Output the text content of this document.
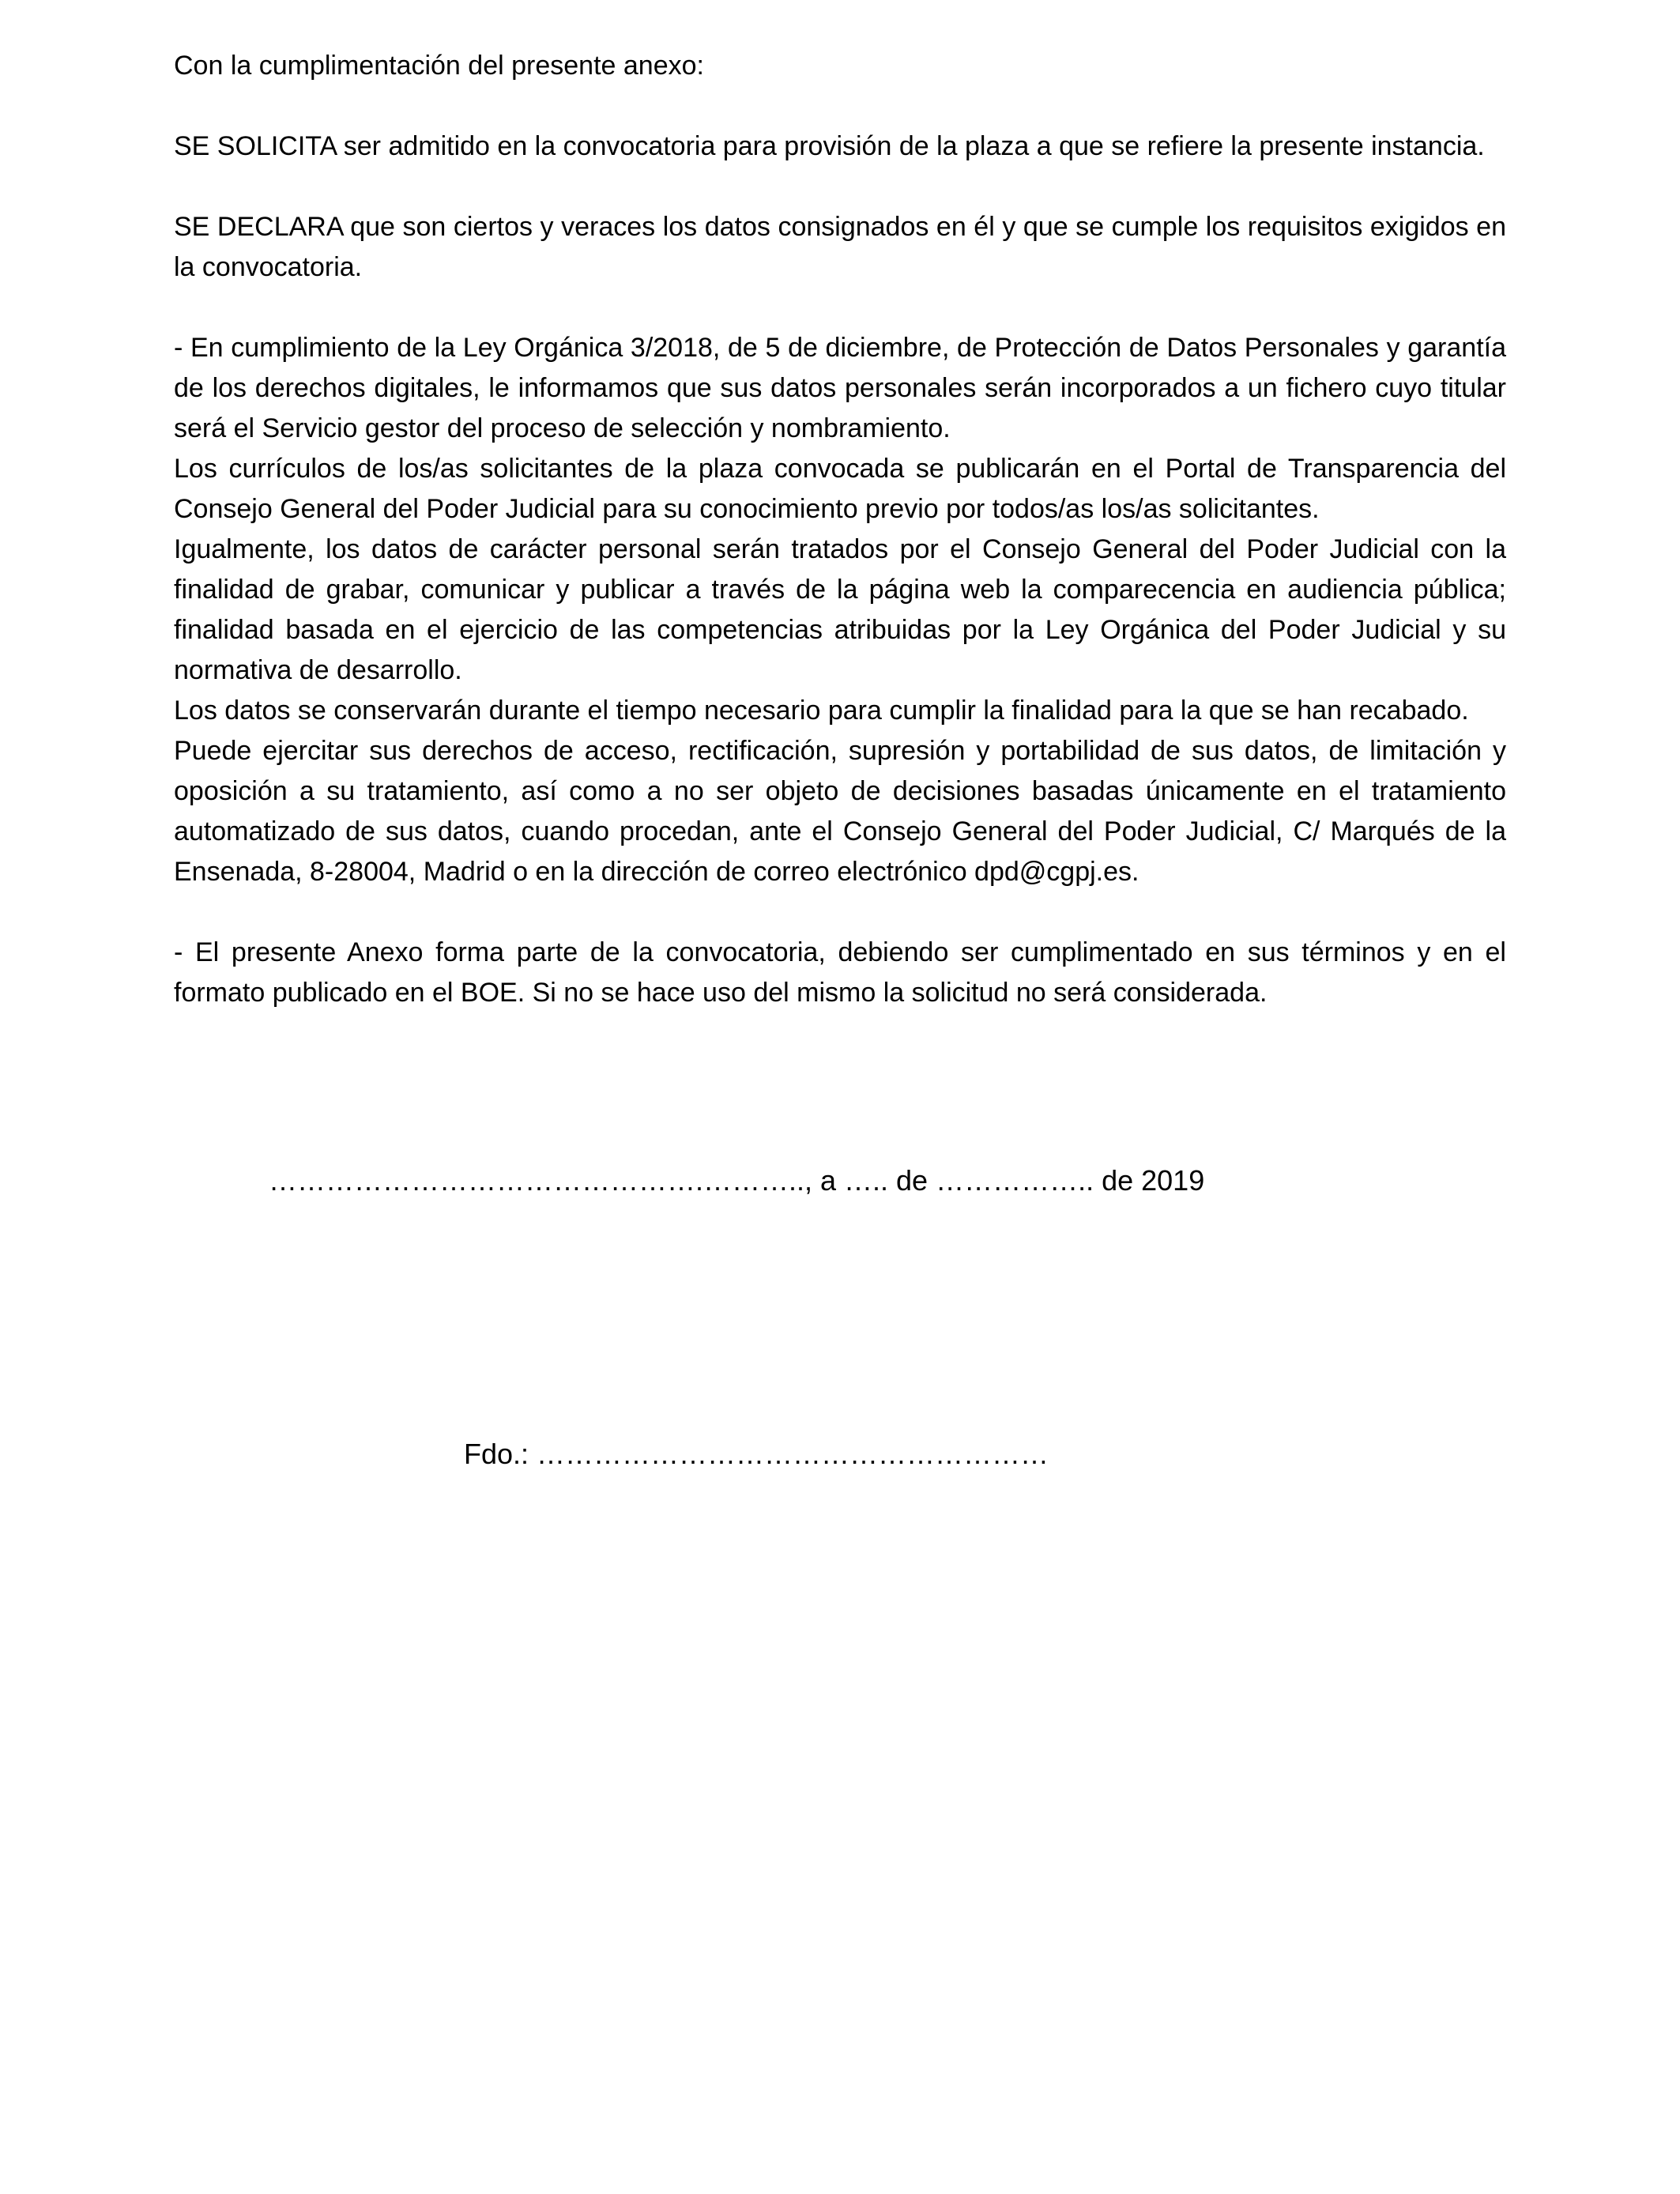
Con la cumplimentación del presente anexo:

SE SOLICITA ser admitido en la convocatoria para provisión de la plaza a que se refiere la presente instancia.

SE DECLARA que son ciertos y veraces los datos consignados en él y que se cumple los requisitos exigidos en la convocatoria.

- En cumplimiento de la Ley Orgánica 3/2018, de 5 de diciembre, de Protección de Datos Personales y garantía de los derechos digitales, le informamos que sus datos personales serán incorporados a un fichero cuyo titular será el Servicio gestor del proceso de selección y nombramiento.

Los currículos de los/as solicitantes de la plaza convocada se publicarán en el Portal de Transparencia del Consejo General del Poder Judicial para su conocimiento previo por todos/as los/as solicitantes.

Igualmente, los datos de carácter personal serán tratados por el Consejo General del Poder Judicial con la finalidad de grabar, comunicar y publicar a través de la página web la comparecencia en audiencia pública; finalidad basada en el ejercicio de las competencias atribuidas por la Ley Orgánica del Poder Judicial y su normativa de desarrollo.

Los datos se conservarán durante el tiempo necesario para cumplir la finalidad para la que se han recabado.

Puede ejercitar sus derechos de acceso, rectificación, supresión y portabilidad de sus datos, de limitación y oposición a su tratamiento, así como a no ser objeto de decisiones basadas únicamente en el tratamiento automatizado de sus datos, cuando procedan, ante el Consejo General del Poder Judicial, C/ Marqués de la Ensenada, 8-28004, Madrid o en la dirección de correo electrónico dpd@cgpj.es.

- El presente Anexo forma parte de la convocatoria, debiendo ser cumplimentado en sus términos y en el formato publicado en el BOE. Si no se hace uso del mismo la solicitud no será considerada.

……………………………………….……….., a ….. de …………….. de 2019
Fdo.: ………………………………………………
